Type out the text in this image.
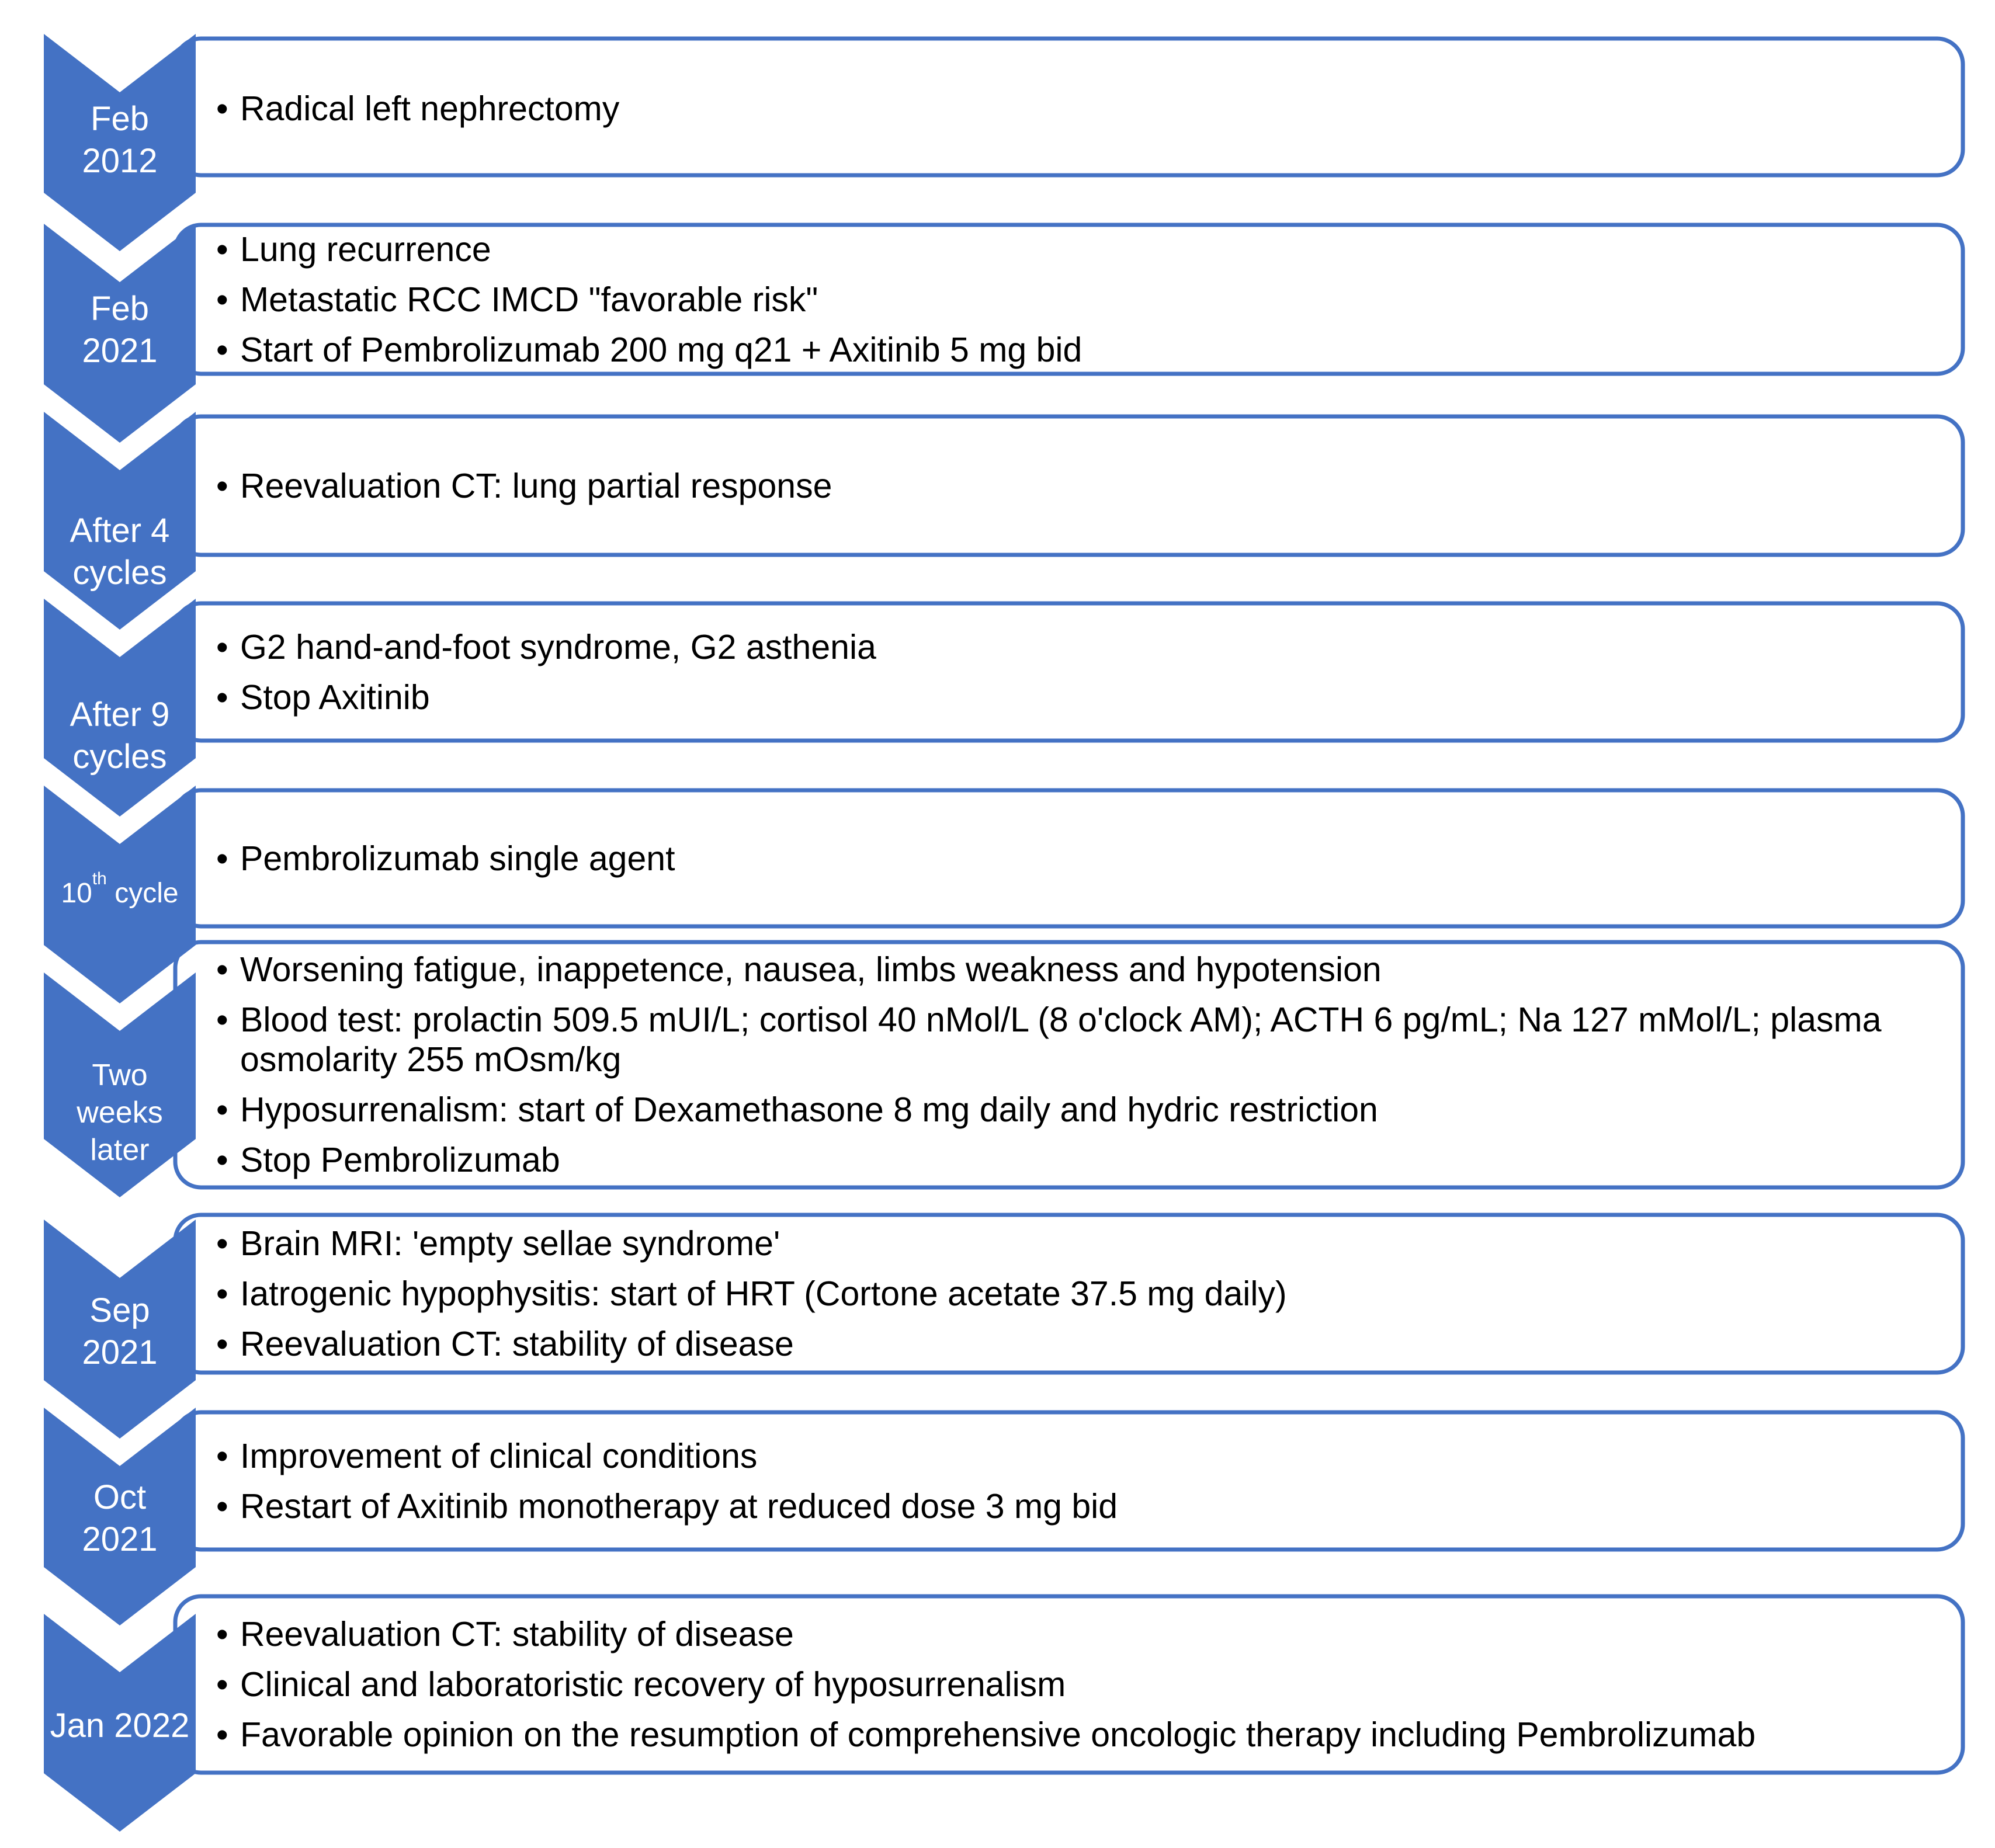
Feb
2012
• Radical left nephrectomy
Feb
2021
• Lung recurrence
• Metastatic RCC IMCD "favorable risk"
• Start of Pembrolizumab 200 mg q21 + Axitinib 5 mg bid
After 4
cycles
• Reevaluation CT: lung partial response
After 9
cycles
• G2 hand-and-foot syndrome, G2 asthenia
• Stop Axitinib
10th cycle
• Pembrolizumab single agent
Two
weeks
later
• Worsening fatigue, inappetence, nausea, limbs weakness and hypotension
• Blood test: prolactin 509.5 mUI/L; cortisol 40 nMol/L (8 o'clock AM); ACTH 6 pg/mL; Na 127 mMol/L; plasma osmolarity 255 mOsm/kg
• Hyposurrenalism: start of Dexamethasone 8 mg daily and hydric restriction
• Stop Pembrolizumab
Sep
2021
• Brain MRI: 'empty sellae syndrome'
• Iatrogenic hypophysitis: start of HRT (Cortone acetate 37.5 mg daily)
• Reevaluation CT: stability of disease
Oct
2021
• Improvement of clinical conditions
• Restart of Axitinib monotherapy at reduced dose 3 mg bid
Jan 2022
• Reevaluation CT: stability of disease
• Clinical and laboratoristic recovery of hyposurrenalism
• Favorable opinion on the resumption of comprehensive oncologic therapy including Pembrolizumab
